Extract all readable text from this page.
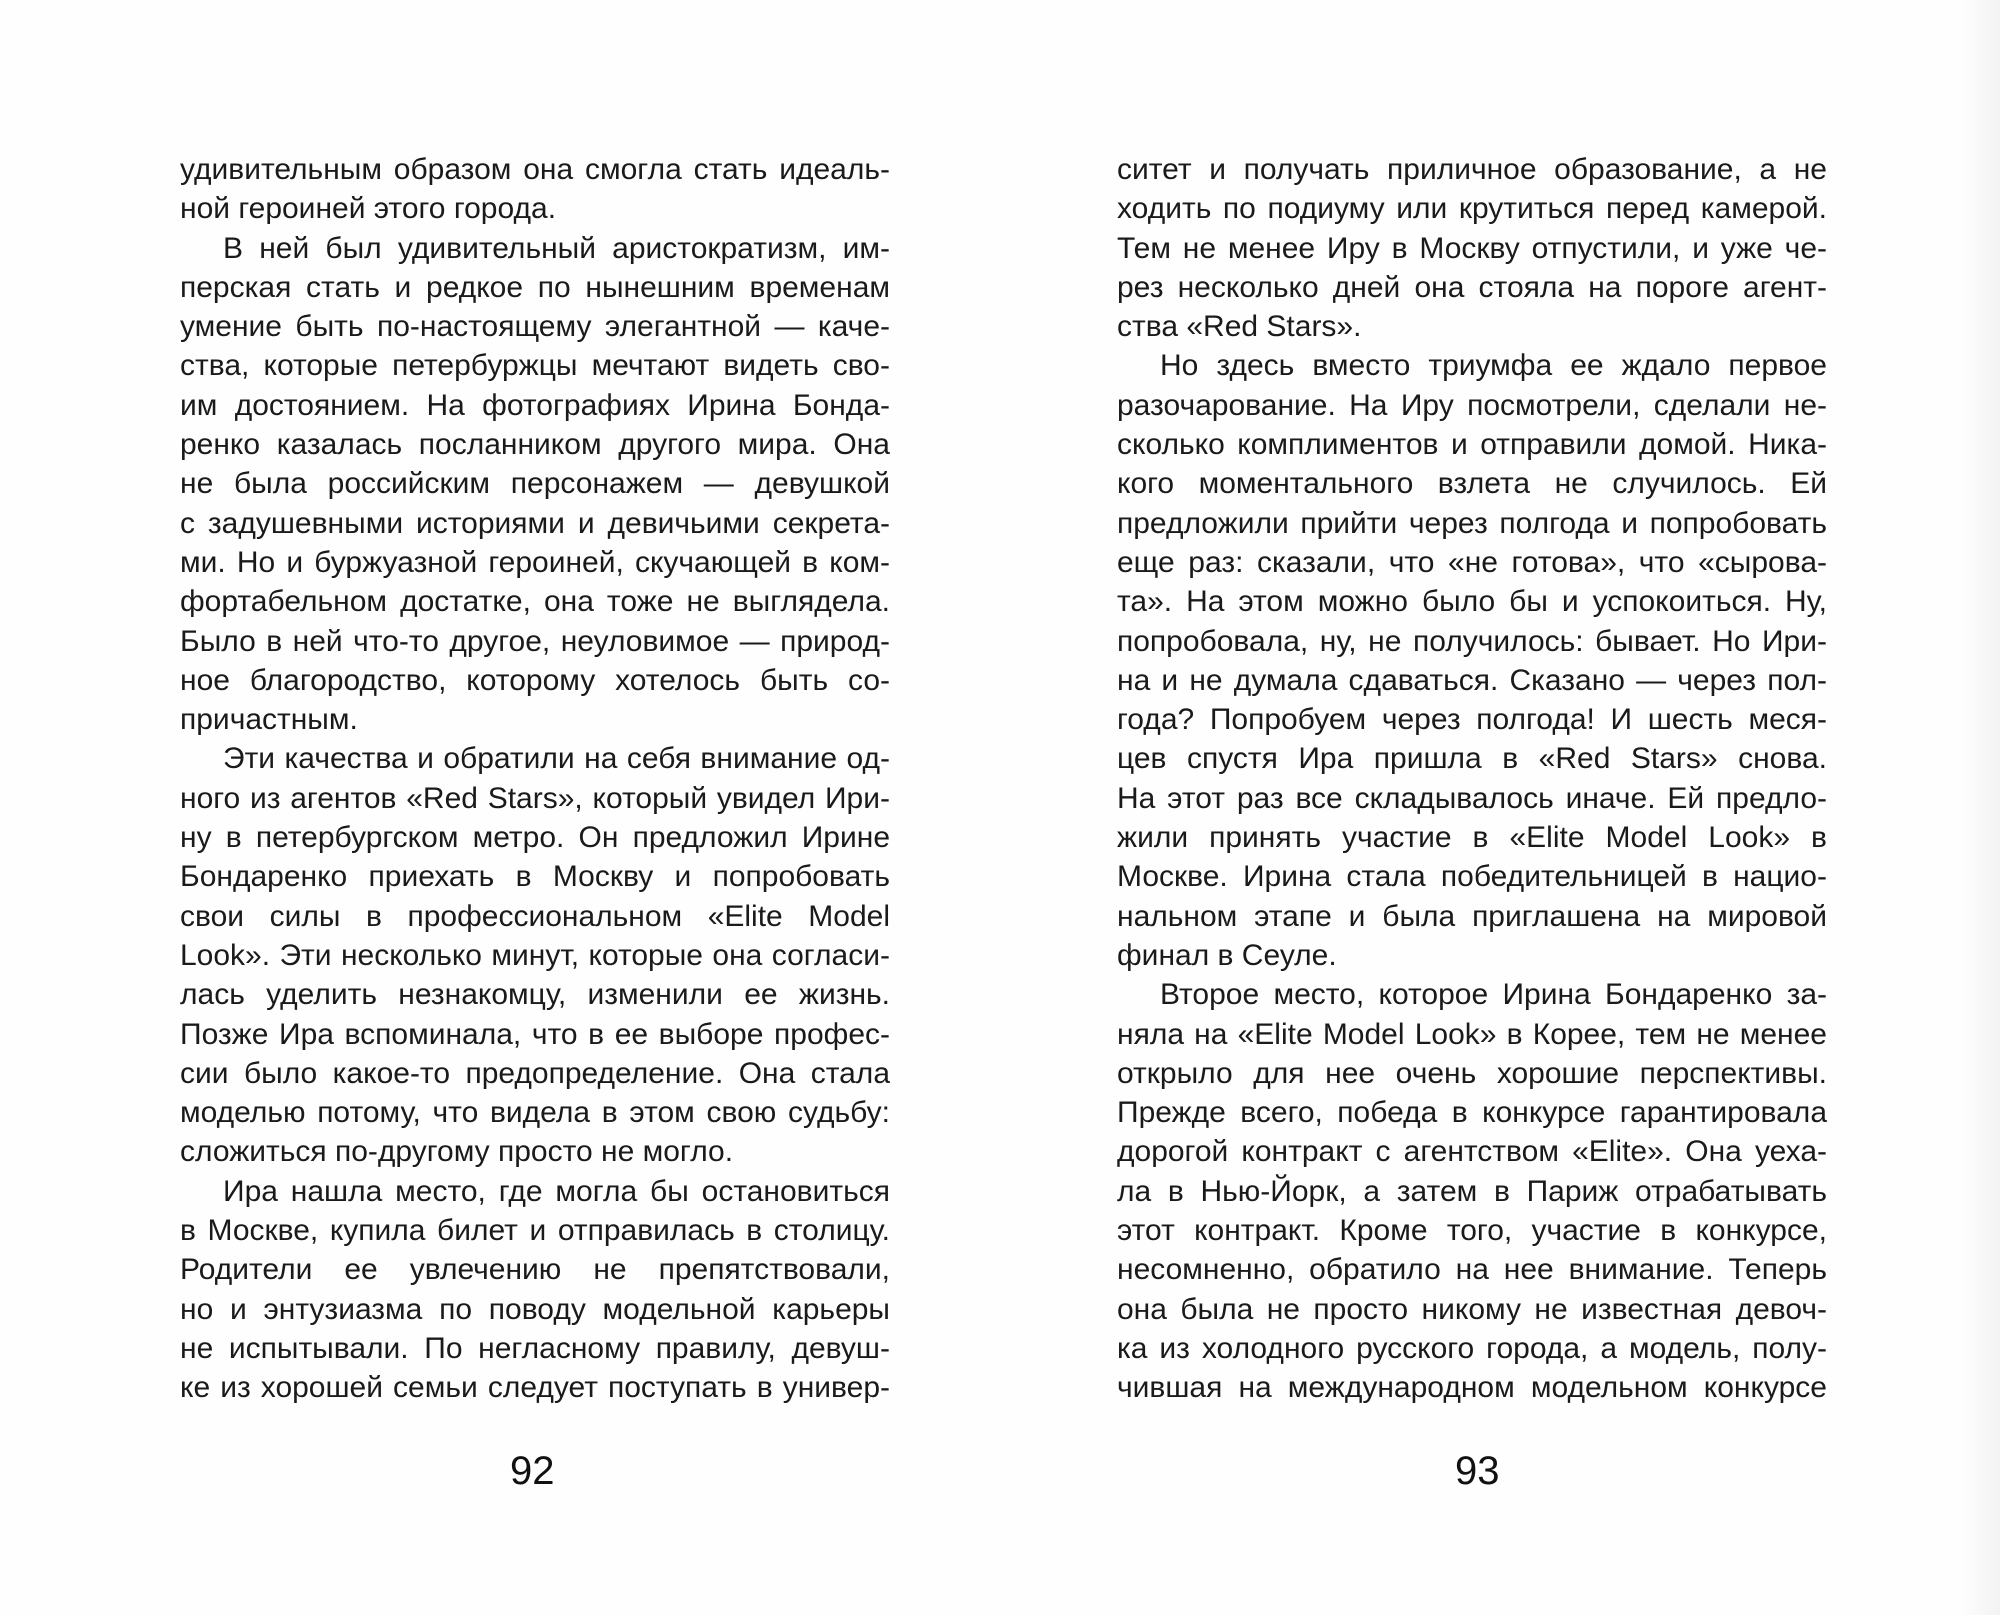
удивительным образом она смогла стать идеаль-
ной героиней этого города.
В ней был удивительный аристократизм, им-
перская стать и редкое по нынешним временам
умение быть по-настоящему элегантной — каче-
ства, которые петербуржцы мечтают видеть сво-
им достоянием. На фотографиях Ирина Бонда-
ренко казалась посланником другого мира. Она
не была российским персонажем — девушкой
с задушевными историями и девичьими секрета-
ми. Но и буржуазной героиней, скучающей в ком-
фортабельном достатке, она тоже не выглядела.
Было в ней что-то другое, неуловимое — природ-
ное благородство, которому хотелось быть со-
причастным.
Эти качества и обратили на себя внимание од-
ного из агентов «Red Stars», который увидел Ири-
ну в петербургском метро. Он предложил Ирине
Бондаренко приехать в Москву и попробовать
свои силы в профессиональном «Elite Model
Look». Эти несколько минут, которые она согласи-
лась уделить незнакомцу, изменили ее жизнь.
Позже Ира вспоминала, что в ее выборе профес-
сии было какое-то предопределение. Она стала
моделью потому, что видела в этом свою судьбу:
сложиться по-другому просто не могло.
Ира нашла место, где могла бы остановиться
в Москве, купила билет и отправилась в столицу.
Родители ее увлечению не препятствовали,
но и энтузиазма по поводу модельной карьеры
не испытывали. По негласному правилу, девуш-
ке из хорошей семьи следует поступать в универ-
ситет и получать приличное образование, а не
ходить по подиуму или крутиться перед камерой.
Тем не менее Иру в Москву отпустили, и уже че-
рез несколько дней она стояла на пороге агент-
ства «Red Stars».
Но здесь вместо триумфа ее ждало первое
разочарование. На Иру посмотрели, сделали не-
сколько комплиментов и отправили домой. Ника-
кого моментального взлета не случилось. Ей
предложили прийти через полгода и попробовать
еще раз: сказали, что «не готова», что «сырова-
та». На этом можно было бы и успокоиться. Ну,
попробовала, ну, не получилось: бывает. Но Ири-
на и не думала сдаваться. Сказано — через пол-
года? Попробуем через полгода! И шесть меся-
цев спустя Ира пришла в «Red Stars» снова.
На этот раз все складывалось иначе. Ей предло-
жили принять участие в «Elite Model Look» в
Москве. Ирина стала победительницей в нацио-
нальном этапе и была приглашена на мировой
финал в Сеуле.
Второе место, которое Ирина Бондаренко за-
няла на «Elite Model Look» в Корее, тем не менее
открыло для нее очень хорошие перспективы.
Прежде всего, победа в конкурсе гарантировала
дорогой контракт с агентством «Elite». Она уеха-
ла в Нью-Йорк, а затем в Париж отрабатывать
этот контракт. Кроме того, участие в конкурсе,
несомненно, обратило на нее внимание. Теперь
она была не просто никому не известная девоч-
ка из холодного русского города, а модель, полу-
чившая на международном модельном конкурсе
92	93
